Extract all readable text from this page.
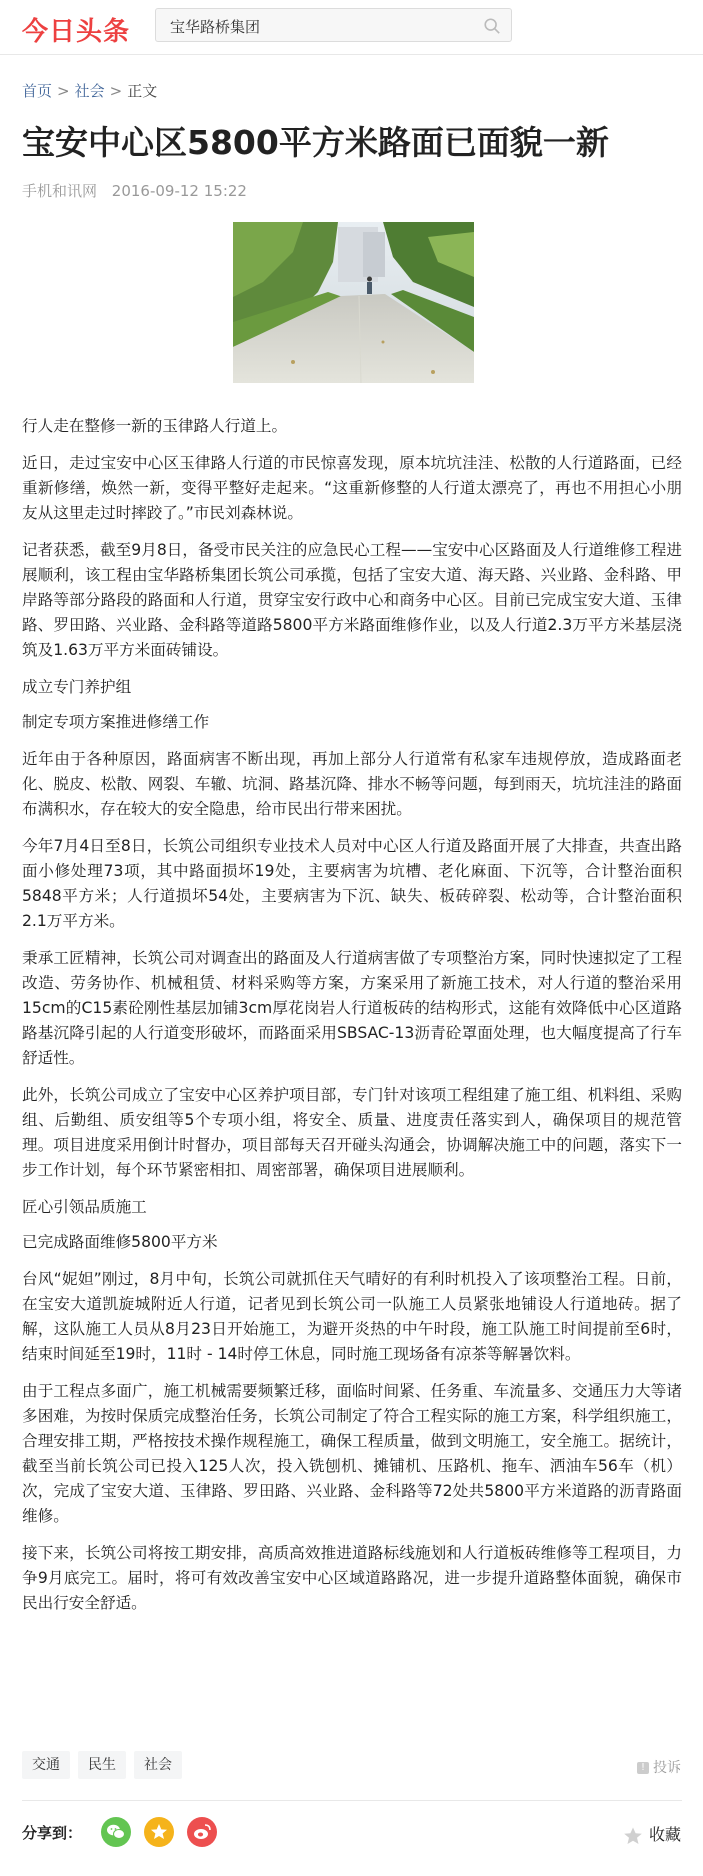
今日头条
宝华路桥集团
首页 > 社会 > 正文
宝安中心区5800平方米路面已面貌一新
手机和讯网 2016-09-12 15:22

行人走在整修一新的玉律路人行道上。

近日，走过宝安中心区玉律路人行道的市民惊喜发现，原本坑坑洼洼、松散的人行道路面，已经重新修缮，焕然一新，变得平整好走起来。“这重新修整的人行道太漂亮了，再也不用担心小朋友从这里走过时摔跤了。”市民刘森林说。

记者获悉，截至9月8日，备受市民关注的应急民心工程——宝安中心区路面及人行道维修工程进展顺利，该工程由宝华路桥集团长筑公司承揽，包括了宝安大道、海天路、兴业路、金科路、甲岸路等部分路段的路面和人行道，贯穿宝安行政中心和商务中心区。目前已完成宝安大道、玉律路、罗田路、兴业路、金科路等道路5800平方米路面维修作业，以及人行道2.3万平方米基层浇筑及1.63万平方米面砖铺设。

成立专门养护组

制定专项方案推进修缮工作

近年由于各种原因，路面病害不断出现，再加上部分人行道常有私家车违规停放，造成路面老化、脱皮、松散、网裂、车辙、坑洞、路基沉降、排水不畅等问题，每到雨天，坑坑洼洼的路面布满积水，存在较大的安全隐患，给市民出行带来困扰。

今年7月4日至8日，长筑公司组织专业技术人员对中心区人行道及路面开展了大排查，共查出路面小修处理73项，其中路面损坏19处，主要病害为坑槽、老化麻面、下沉等，合计整治面积5848平方米；人行道损坏54处，主要病害为下沉、缺失、板砖碎裂、松动等，合计整治面积2.1万平方米。

秉承工匠精神，长筑公司对调查出的路面及人行道病害做了专项整治方案，同时快速拟定了工程改造、劳务协作、机械租赁、材料采购等方案，方案采用了新施工技术，对人行道的整治采用15cm的C15素砼刚性基层加铺3cm厚花岗岩人行道板砖的结构形式，这能有效降低中心区道路路基沉降引起的人行道变形破坏，而路面采用SBSAC-13沥青砼罩面处理，也大幅度提高了行车舒适性。

此外，长筑公司成立了宝安中心区养护项目部，专门针对该项工程组建了施工组、机料组、采购组、后勤组、质安组等5个专项小组，将安全、质量、进度责任落实到人，确保项目的规范管理。项目进度采用倒计时督办，项目部每天召开碰头沟通会，协调解决施工中的问题，落实下一步工作计划，每个环节紧密相扣、周密部署，确保项目进展顺利。

匠心引领品质施工

已完成路面维修5800平方米

台风“妮妲”刚过，8月中旬，长筑公司就抓住天气晴好的有利时机投入了该项整治工程。日前，在宝安大道凯旋城附近人行道，记者见到长筑公司一队施工人员紧张地铺设人行道地砖。据了解，这队施工人员从8月23日开始施工，为避开炎热的中午时段，施工队施工时间提前至6时，结束时间延至19时，11时 - 14时停工休息，同时施工现场备有凉茶等解暑饮料。

由于工程点多面广，施工机械需要频繁迁移，面临时间紧、任务重、车流量多、交通压力大等诸多困难，为按时保质完成整治任务，长筑公司制定了符合工程实际的施工方案，科学组织施工，合理安排工期，严格按技术操作规程施工，确保工程质量，做到文明施工，安全施工。据统计，截至当前长筑公司已投入125人次，投入铣刨机、摊铺机、压路机、拖车、洒油车56车（机）次，完成了宝安大道、玉律路、罗田路、兴业路、金科路等72处共5800平方米道路的沥青路面维修。

接下来，长筑公司将按工期安排，高质高效推进道路标线施划和人行道板砖维修等工程项目，力争9月底完工。届时，将可有效改善宝安中心区域道路路况，进一步提升道路整体面貌，确保市民出行安全舒适。

交通 民生 社会	! 投诉
分享到：	收藏
